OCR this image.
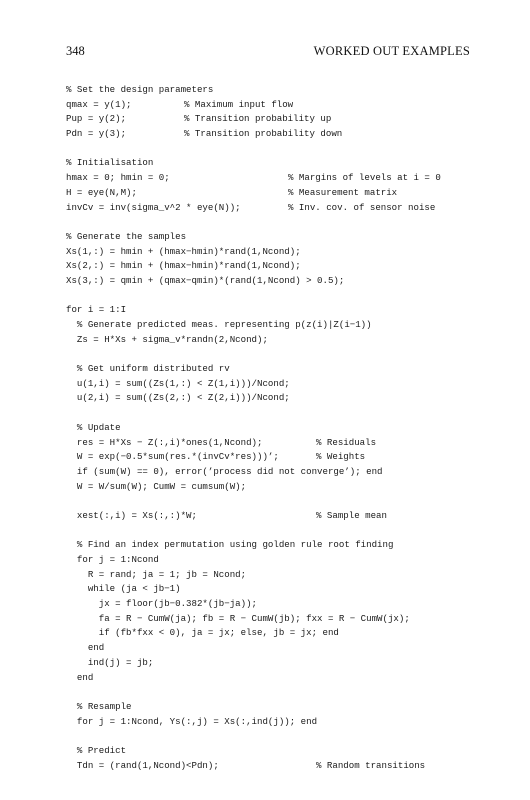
348	WORKED OUT EXAMPLES
% Set the design parameters
qmax = y(1);	% Maximum input flow
Pup = y(2);	% Transition probability up
Pdn = y(3);	% Transition probability down
% Initialisation
hmax = 0; hmin = 0;	% Margins of levels at i = 0
H = eye(N,M);	% Measurement matrix
invCv = inv(sigma_v^2 * eye(N));	% Inv. cov. of sensor noise
% Generate the samples
Xs(1,:) = hmin + (hmax−hmin)*rand(1,Ncond);
Xs(2,:) = hmin + (hmax−hmin)*rand(1,Ncond);
Xs(3,:) = qmin + (qmax−qmin)*(rand(1,Ncond) > 0.5);
for i = 1:I
% Generate predicted meas. representing p(z(i)|Z(i−1))
Zs = H*Xs + sigma_v*randn(2,Ncond);
% Get uniform distributed rv
u(1,i) = sum((Zs(1,:) < Z(1,i)))/Ncond;
u(2,i) = sum((Zs(2,:) < Z(2,i)))/Ncond;
% Update
res = H*Xs − Z(:,i)*ones(1,Ncond);	% Residuals
W = exp(−0.5*sum(res.*(invCv*res)))’;	% Weights
if (sum(W) == 0), error(’process did not converge’); end
W = W/sum(W); CumW = cumsum(W);
xest(:,i) = Xs(:,:)*W;	% Sample mean
% Find an index permutation using golden rule root finding
for j = 1:Ncond
R = rand; ja = 1; jb = Ncond;
while (ja < jb−1)
jx = floor(jb−0.382*(jb−ja));
fa = R − CumW(ja); fb = R − CumW(jb); fxx = R − CumW(jx);
if (fb*fxx < 0), ja = jx; else, jb = jx; end
end
ind(j) = jb;
end
% Resample
for j = 1:Ncond, Ys(:,j) = Xs(:,ind(j)); end
% Predict
Tdn = (rand(1,Ncond)<Pdn);	% Random transitions
